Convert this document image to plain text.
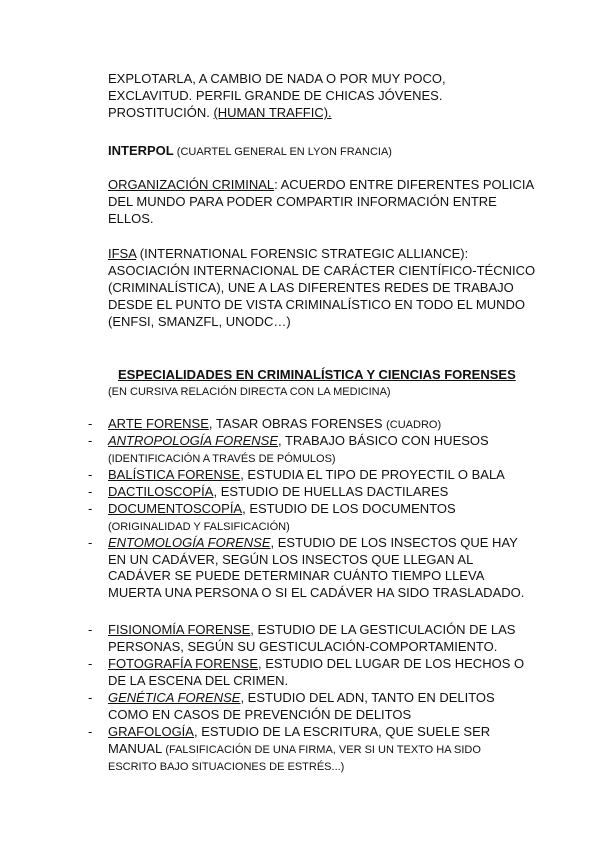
EXPLOTARLA, A CAMBIO DE NADA O POR MUY POCO,
EXCLAVITUD. PERFIL GRANDE DE CHICAS JÓVENES.
PROSTITUCIÓN. (HUMAN TRAFFIC).

INTERPOL (CUARTEL GENERAL EN LYON FRANCIA)

ORGANIZACIÓN CRIMINAL: ACUERDO ENTRE DIFERENTES POLICIA DEL MUNDO PARA PODER COMPARTIR INFORMACIÓN ENTRE ELLOS.

IFSA (INTERNATIONAL FORENSIC STRATEGIC ALLIANCE): ASOCIACIÓN INTERNACIONAL DE CARÁCTER CIENTÍFICO-TÉCNICO (CRIMINALÍSTICA), UNE A LAS DIFERENTES REDES DE TRABAJO DESDE EL PUNTO DE VISTA CRIMINALÍSTICO EN TODO EL MUNDO (ENFSI, SMANZFL, UNODC…)

ESPECIALIDADES EN CRIMINALÍSTICA Y CIENCIAS FORENSES

(EN CURSIVA RELACIÓN DIRECTA CON LA MEDICINA)

- ARTE FORENSE, TASAR OBRAS FORENSES (CUADRO)
- ANTROPOLOGÍA FORENSE, TRABAJO BÁSICO CON HUESOS (IDENTIFICACIÓN A TRAVÉS DE PÓMULOS)
- BALÍSTICA FORENSE, ESTUDIA EL TIPO DE PROYECTIL O BALA
- DACTILOSCOPÍA, ESTUDIO DE HUELLAS DACTILARES
- DOCUMENTOSCOPÍA, ESTUDIO DE LOS DOCUMENTOS (ORIGINALIDAD Y FALSIFICACIÓN)
- ENTOMOLOGÍA FORENSE, ESTUDIO DE LOS INSECTOS QUE HAY EN UN CADÁVER, SEGÚN LOS INSECTOS QUE LLEGAN AL CADÁVER SE PUEDE DETERMINAR CUÁNTO TIEMPO LLEVA MUERTA UNA PERSONA O SI EL CADÁVER HA SIDO TRASLADADO.
- FISIONOMÍA FORENSE, ESTUDIO DE LA GESTICULACIÓN DE LAS PERSONAS, SEGÚN SU GESTICULACIÓN-COMPORTAMIENTO.
- FOTOGRAFÍA FORENSE, ESTUDIO DEL LUGAR DE LOS HECHOS O DE LA ESCENA DEL CRIMEN.
- GENÉTICA FORENSE, ESTUDIO DEL ADN, TANTO EN DELITOS COMO EN CASOS DE PREVENCIÓN DE DELITOS
- GRAFOLOGÍA, ESTUDIO DE LA ESCRITURA, QUE SUELE SER MANUAL (FALSIFICACIÓN DE UNA FIRMA, VER SI UN TEXTO HA SIDO ESCRITO BAJO SITUACIONES DE ESTRÉS...)
